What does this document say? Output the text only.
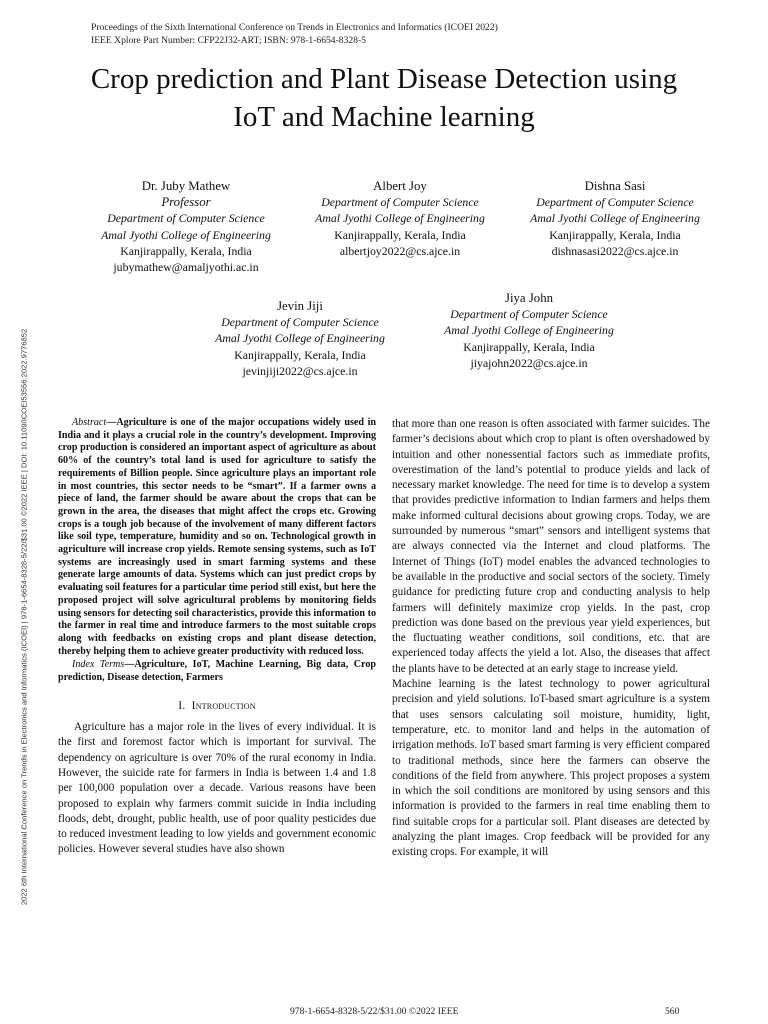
Proceedings of the Sixth International Conference on Trends in Electronics and Informatics (ICOEI 2022)
IEEE Xplore Part Number: CFP22J32-ART; ISBN: 978-1-6654-8328-5
Crop prediction and Plant Disease Detection using
IoT and Machine learning
Dr. Juby Mathew
Professor
Department of Computer Science
Amal Jyothi College of Engineering
Kanjirappally, Kerala, India
jubymathew@amaljyothi.ac.in
Albert Joy
Department of Computer Science
Amal Jyothi College of Engineering
Kanjirappally, Kerala, India
albertjoy2022@cs.ajce.in
Dishna Sasi
Department of Computer Science
Amal Jyothi College of Engineering
Kanjirappally, Kerala, India
dishnasasi2022@cs.ajce.in
Jevin Jiji
Department of Computer Science
Amal Jyothi College of Engineering
Kanjirappally, Kerala, India
jevinjiji2022@cs.ajce.in
Jiya John
Department of Computer Science
Amal Jyothi College of Engineering
Kanjirappally, Kerala, India
jiyajohn2022@cs.ajce.in

Abstract—Agriculture is one of the major occupations widely used in India and it plays a crucial role in the country’s development. Improving crop production is considered an important aspect of agriculture as about 60% of the country’s total land is used for agriculture to satisfy the requirements of Billion people. Since agriculture plays an important role in most countries, this sector needs to be “smart”. If a farmer owns a piece of land, the farmer should be aware about the crops that can be grown in the area, the diseases that might affect the crops etc. Growing crops is a tough job because of the involvement of many different factors like soil type, temperature, humidity and so on. Technological growth in agriculture will increase crop yields. Remote sensing systems, such as IoT systems are increasingly used in smart farming systems and these generate large amounts of data. Systems which can just predict crops by evaluating soil features for a particular time period still exist, but here the proposed project will solve agricultural problems by monitoring fields using sensors for detecting soil characteristics, provide this information to the farmer in real time and introduce farmers to the most suitable crops along with feedbacks on existing crops and plant disease detection, thereby helping them to achieve greater productivity with reduced loss.

Index Terms—Agriculture, IoT, Machine Learning, Big data, Crop prediction, Disease detection, Farmers

I. Introduction

Agriculture has a major role in the lives of every individual. It is the first and foremost factor which is important for survival. The dependency on agriculture is over 70% of the rural economy in India. However, the suicide rate for farmers in India is between 1.4 and 1.8 per 100,000 population over a decade. Various reasons have been proposed to explain why farmers commit suicide in India including floods, debt, drought, public health, use of poor quality pesticides due to reduced investment leading to low yields and government economic policies. However several studies have also shown

that more than one reason is often associated with farmer suicides. The farmer’s decisions about which crop to plant is often overshadowed by intuition and other nonessential factors such as immediate profits, overestimation of the land’s potential to produce yields and lack of necessary market knowledge. The need for time is to develop a system that provides predictive information to Indian farmers and helps them make informed cultural decisions about growing crops. Today, we are surrounded by numerous “smart” sensors and intelligent systems that are always connected via the Internet and cloud platforms. The Internet of Things (IoT) model enables the advanced technologies to be available in the productive and social sectors of the society. Timely guidance for predicting future crop and conducting analysis to help farmers will definitely maximize crop yields. In the past, crop prediction was done based on the previous year yield experiences, but the fluctuating weather conditions, soil conditions, etc. that are experienced today affects the yield a lot. Also, the diseases that affect the plants have to be detected at an early stage to increase yield.

Machine learning is the latest technology to power agricultural precision and yield solutions. IoT-based smart agriculture is a system that uses sensors calculating soil moisture, humidity, light, temperature, etc. to monitor land and helps in the automation of irrigation methods. IoT based smart farming is very efficient compared to traditional methods, since here the farmers can observe the conditions of the field from anywhere. This project proposes a system in which the soil conditions are monitored by using sensors and this information is provided to the farmers in real time enabling them to find suitable crops for a particular soil. Plant diseases are detected by analyzing the plant images. Crop feedback will be provided for any existing crops. For example, it will

2022 6th International Conference on Trends in Electronics and Informatics (ICOEI) | 978-1-6654-8328-5/22/$31.00 ©2022 IEEE | DOI: 10.1109/ICOEI53556.2022.9776852
978-1-6654-8328-5/22/$31.00 ©2022 IEEE	560
